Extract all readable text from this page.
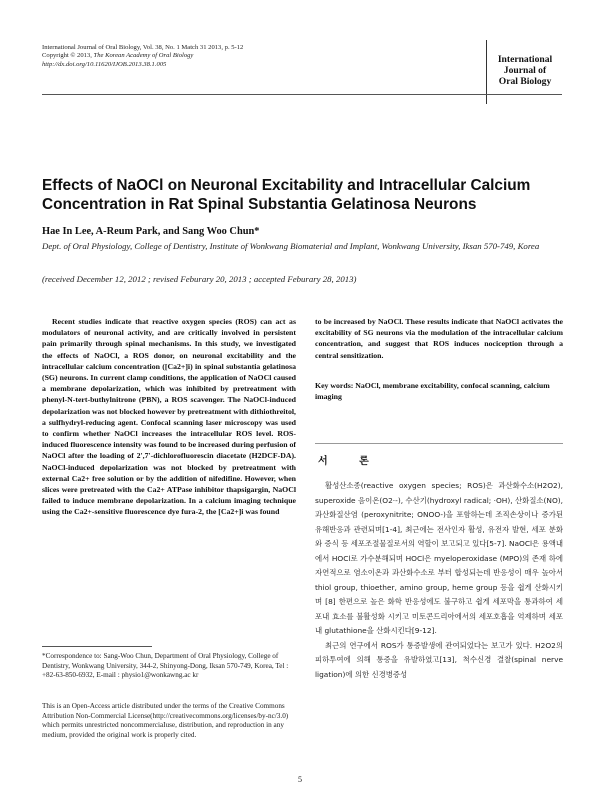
International Journal of Oral Biology, Vol. 38, No. 1 Match 31 2013, p. 5-12
Copyright © 2013, The Korean Academy of Oral Biology
http://dx.doi.org/10.11620/IJOB.2013.38.1.005	International
Journal of
Oral Biology
Effects of NaOCl on Neuronal Excitability and Intracellular Calcium Concentration in Rat Spinal Substantia Gelatinosa Neurons
Hae In Lee, A-Reum Park, and Sang Woo Chun*
Dept. of Oral Physiology, College of Dentistry, Institute of Wonkwang Biomaterial and Implant, Wonkwang University, Iksan 570-749, Korea
(received December 12, 2012 ; revised Feburary 20, 2013 ; accepted Feburary 28, 2013)
Recent studies indicate that reactive oxygen species (ROS) can act as modulators of neuronal activity, and are critically involved in persistent pain primarily through spinal mechanisms. In this study, we investigated the effects of NaOCl, a ROS donor, on neuronal excitability and the intracellular calcium concentration ([Ca2+]i) in spinal substantia gelatinosa (SG) neurons. In current clamp conditions, the application of NaOCl caused a membrane depolarization, which was inhibited by pretreatment with phenyl-N-tert-buthylnitrone (PBN), a ROS scavenger. The NaOCl-induced depolarization was not blocked however by pretreatment with dithiothreitol, a sulfhydryl-reducing agent. Confocal scanning laser microscopy was used to confirm whether NaOCl increases the intracellular ROS level. ROS-induced fluorescence intensity was found to be increased during perfusion of NaOCl after the loading of 2',7'-dichlorofluorescin diacetate (H2DCF-DA). NaOCl-induced depolarization was not blocked by pretreatment with external Ca2+ free solution or by the addition of nifedifine. However, when slices were pretreated with the Ca2+ ATPase inhibitor thapsigargin, NaOCl failed to induce membrane depolarization. In a calcium imaging technique using the Ca2+-sensitive fluorescence dye fura-2, the [Ca2+]i was found
to be increased by NaOCl. These results indicate that NaOCl activates the excitability of SG neurons via the modulation of the intracellular calcium concentration, and suggest that ROS induces nociception through a central sensitization.
Key words: NaOCl, membrane excitability, confocal scanning, calcium imaging
서 론

활성산소종(reactive oxygen species; ROS)은 과산화수소(H2O2), superoxide 음이온(O2·-), 수산기(hydroxyl radical; ·OH), 산화질소(NO), 과산화질산염 (peroxynitrite; ONOO-)을 포함하는데 조직손상이나 증가된 유해반응과 관련되며[1-4], 최근에는 전사인자 활성, 유전자 발현, 세포 분화와 증식 등 세포조절물질로서의 역할이 보고되고 있다[5-7]. NaOCl은 용액내에서 HOCl로 가수분해되며 HOCl은 myeloperoxidase (MPO)의 존재 하에 자연적으로 염소이온과 과산화수소로 부터 합성되는데 반응성이 매우 높아서 thiol group, thioether, amino group, heme group 등을 쉽게 산화시키며 [8] 한편으로 높은 화학 반응성에도 불구하고 쉽게 세포막을 통과하여 세포내 효소를 불활성화 시키고 미토콘드리아에서의 세포호흡을 억제하며 세포내 glutathione을 산화시킨다[9-12].

최근의 연구에서 ROS가 통증발생에 관여되었다는 보고가 있다. H2O2의 피하투여에 의해 통증을 유발하였고[13], 척수신경 결찰(spinal nerve ligation)에 의한 신경병증성

*Correspondence to: Sang-Woo Chun, Department of Oral Physiology, College of Dentistry, Wonkwang University, 344-2, Shinyong-Dong, Iksan 570-749, Korea, Tel : +82-63-850-6932, E-mail : physio1@wonkawng.ac kr
This is an Open-Access article distributed under the terms of the Creative Commons Attribution Non-Commercial License(http://creativecommons.org/licenses/by-nc/3.0) which permits unrestricted noncommerciaIuse, distribution, and reproduction in any medium, provided the original work is properly cited.
5
